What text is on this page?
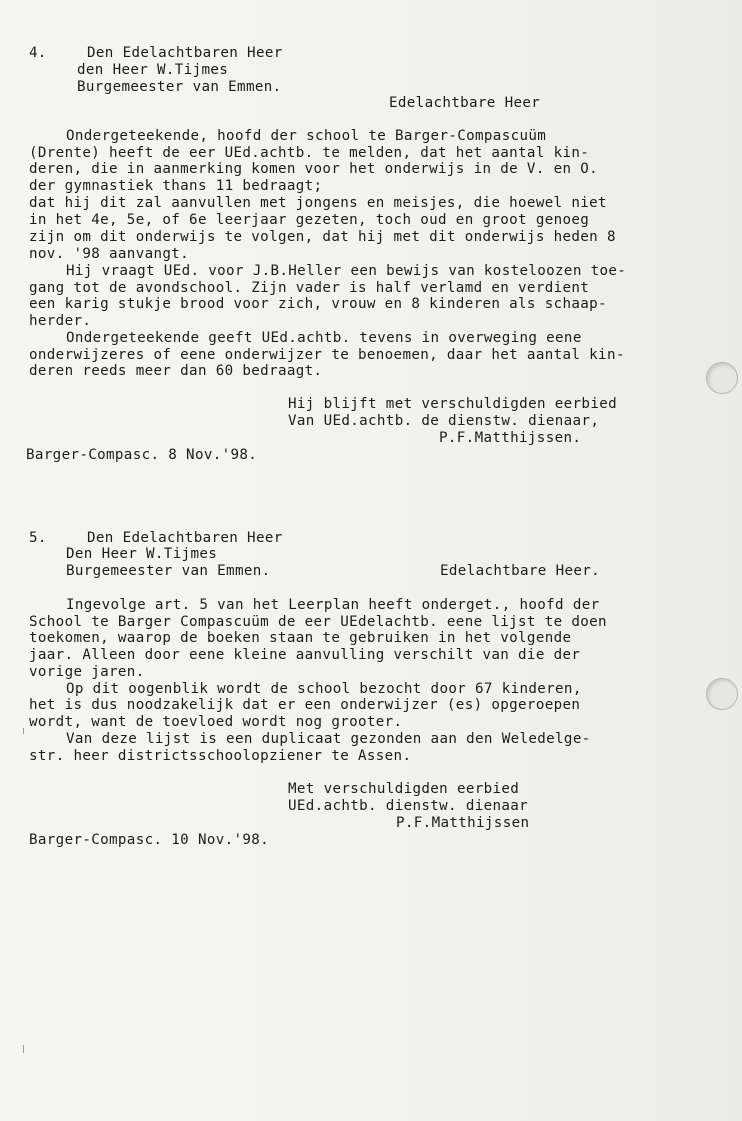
4.	Den Edelachtbaren Heer
den Heer W.Tijmes
Burgemeester van Emmen.
Edelachtbare Heer
Ondergeteekende, hoofd der school te Barger-Compascuüm
(Drente) heeft de eer UEd.achtb. te melden, dat het aantal kin-
deren, die in aanmerking komen voor het onderwijs in de V. en O.
der gymnastiek thans 11 bedraagt;
dat hij dit zal aanvullen met jongens en meisjes, die hoewel niet
in het 4e, 5e, of 6e leerjaar gezeten, toch oud en groot genoeg
zijn om dit onderwijs te volgen, dat hij met dit onderwijs heden 8
nov. '98 aanvangt.
Hij vraagt UEd. voor J.B.Heller een bewijs van kosteloozen toe-
gang tot de avondschool. Zijn vader is half verlamd en verdient
een karig stukje brood voor zich, vrouw en 8 kinderen als schaap-
herder.
Ondergeteekende geeft UEd.achtb. tevens in overweging eene
onderwijzeres of eene onderwijzer te benoemen, daar het aantal kin-
deren reeds meer dan 60 bedraagt.
Hij blijft met verschuldigden eerbied
Van UEd.achtb. de dienstw. dienaar,
P.F.Matthijssen.
Barger-Compasc. 8 Nov.'98.
5.	Den Edelachtbaren Heer
Den Heer W.Tijmes
Burgemeester van Emmen.	Edelachtbare Heer.
Ingevolge art. 5 van het Leerplan heeft onderget., hoofd der
School te Barger Compascuüm de eer UEdelachtb. eene lijst te doen
toekomen, waarop de boeken staan te gebruiken in het volgende
jaar. Alleen door eene kleine aanvulling verschilt van die der
vorige jaren.
Op dit oogenblik wordt de school bezocht door 67 kinderen,
het is dus noodzakelijk dat er een onderwijzer (es) opgeroepen
wordt, want de toevloed wordt nog grooter.
Van deze lijst is een duplicaat gezonden aan den Weledelge-
str. heer districtsschoolopziener te Assen.
Met verschuldigden eerbied
UEd.achtb. dienstw. dienaar
P.F.Matthijssen
Barger-Compasc. 10 Nov.'98.
